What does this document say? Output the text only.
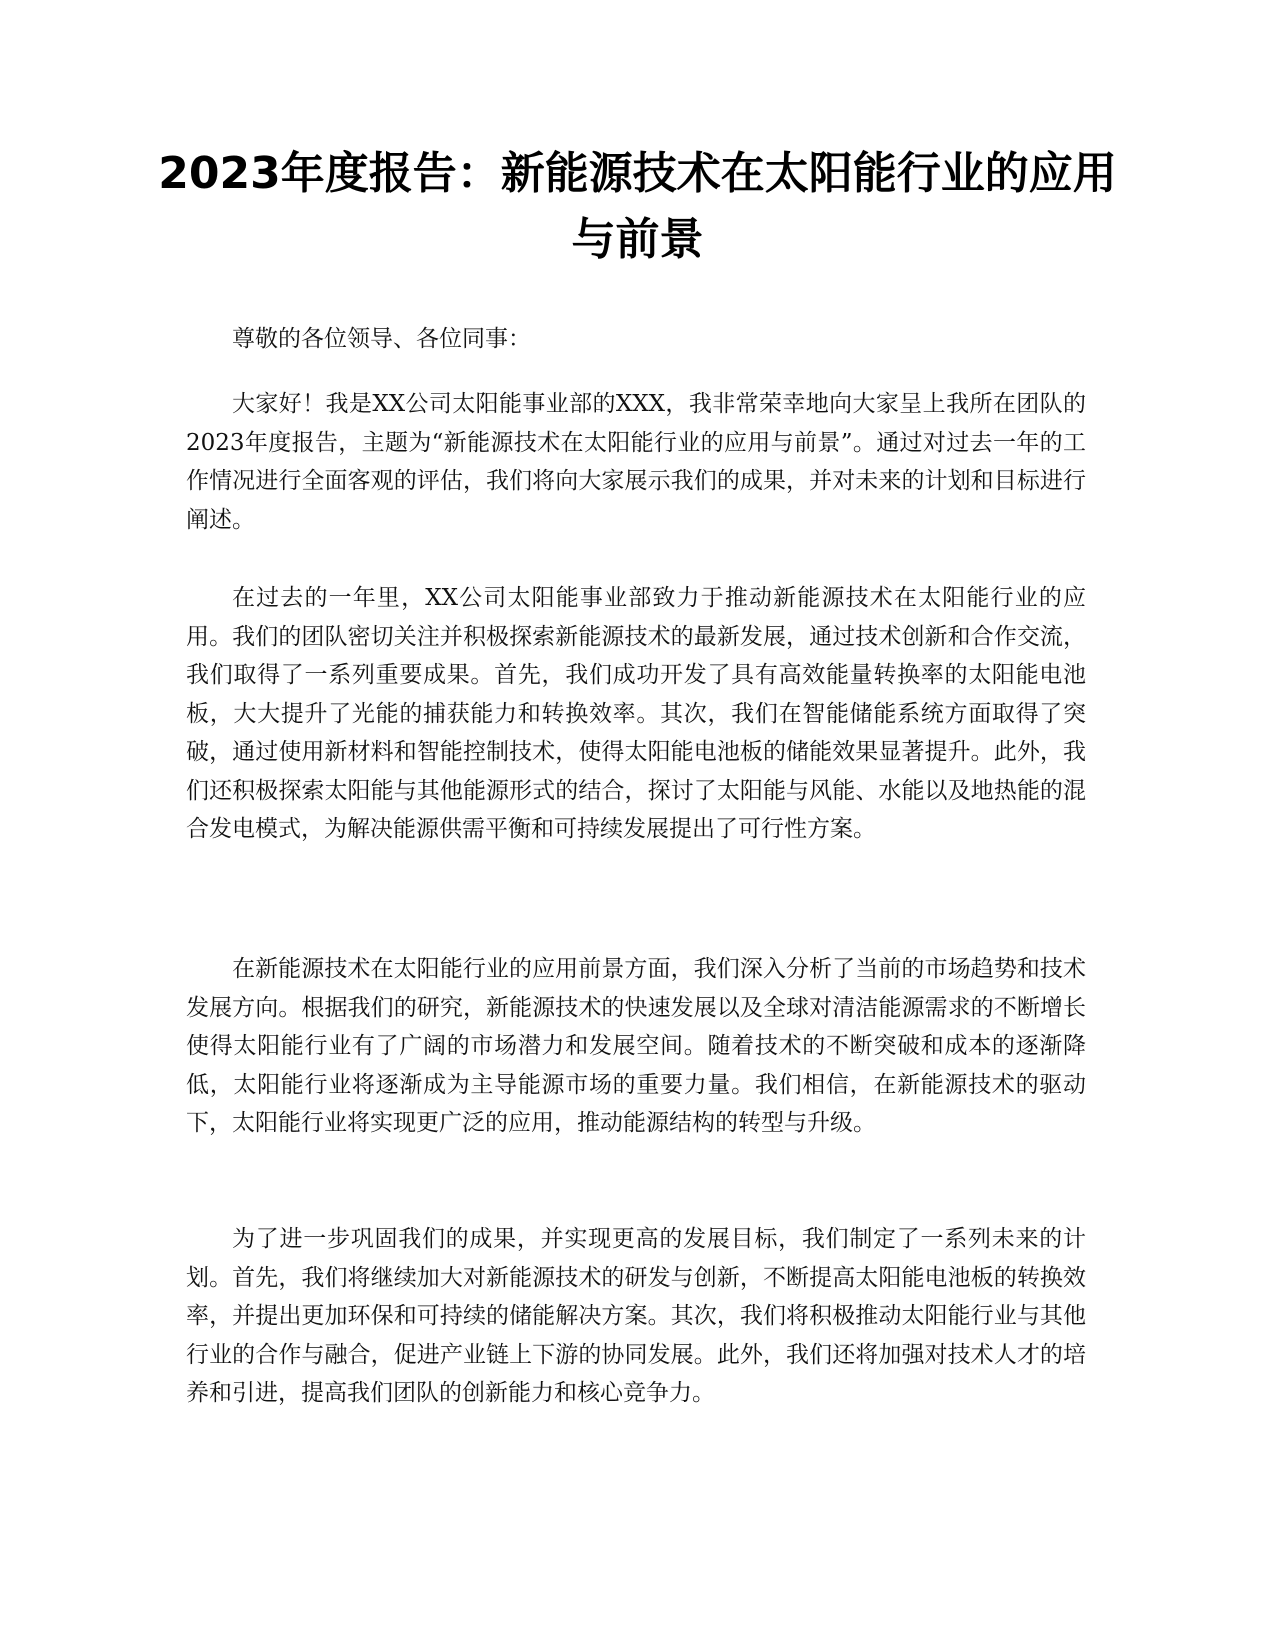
2023年度报告：新能源技术在太阳能行业的应用与前景

尊敬的各位领导、各位同事：

大家好！我是XX公司太阳能事业部的XXX，我非常荣幸地向大家呈上我所在团队的2023年度报告，主题为“新能源技术在太阳能行业的应用与前景”。通过对过去一年的工作情况进行全面客观的评估，我们将向大家展示我们的成果，并对未来的计划和目标进行阐述。

在过去的一年里，XX公司太阳能事业部致力于推动新能源技术在太阳能行业的应用。我们的团队密切关注并积极探索新能源技术的最新发展，通过技术创新和合作交流，我们取得了一系列重要成果。首先，我们成功开发了具有高效能量转换率的太阳能电池板，大大提升了光能的捕获能力和转换效率。其次，我们在智能储能系统方面取得了突破，通过使用新材料和智能控制技术，使得太阳能电池板的储能效果显著提升。此外，我们还积极探索太阳能与其他能源形式的结合，探讨了太阳能与风能、水能以及地热能的混合发电模式，为解决能源供需平衡和可持续发展提出了可行性方案。

在新能源技术在太阳能行业的应用前景方面，我们深入分析了当前的市场趋势和技术发展方向。根据我们的研究，新能源技术的快速发展以及全球对清洁能源需求的不断增长使得太阳能行业有了广阔的市场潜力和发展空间。随着技术的不断突破和成本的逐渐降低，太阳能行业将逐渐成为主导能源市场的重要力量。我们相信，在新能源技术的驱动下，太阳能行业将实现更广泛的应用，推动能源结构的转型与升级。

为了进一步巩固我们的成果，并实现更高的发展目标，我们制定了一系列未来的计划。首先，我们将继续加大对新能源技术的研发与创新，不断提高太阳能电池板的转换效率，并提出更加环保和可持续的储能解决方案。其次，我们将积极推动太阳能行业与其他行业的合作与融合，促进产业链上下游的协同发展。此外，我们还将加强对技术人才的培养和引进，提高我们团队的创新能力和核心竞争力。
